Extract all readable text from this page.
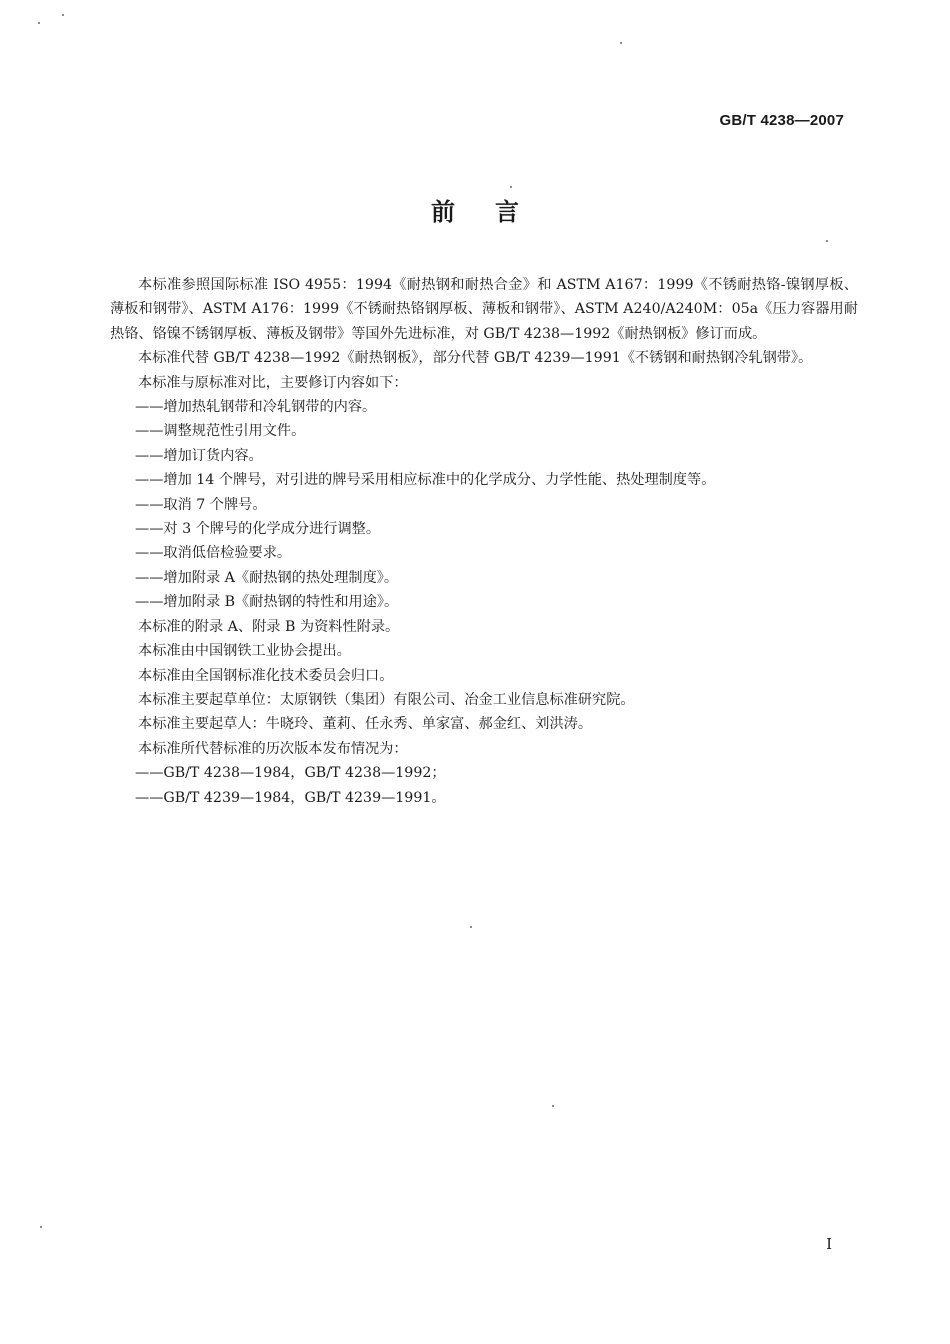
GB/T 4238—2007
前言

本标准参照国际标准 ISO 4955：1994《耐热钢和耐热合金》和 ASTM A167：1999《不锈耐热铬-镍钢厚板、薄板和钢带》、ASTM A176：1999《不锈耐热铬钢厚板、薄板和钢带》、ASTM A240/A240M：05a《压力容器用耐热铬、铬镍不锈钢厚板、薄板及钢带》等国外先进标准，对 GB/T 4238—1992《耐热钢板》修订而成。

本标准代替 GB/T 4238—1992《耐热钢板》，部分代替 GB/T 4239—1991《不锈钢和耐热钢冷轧钢带》。

本标准与原标准对比，主要修订内容如下：

——增加热轧钢带和冷轧钢带的内容。

——调整规范性引用文件。

——增加订货内容。

——增加 14 个牌号，对引进的牌号采用相应标准中的化学成分、力学性能、热处理制度等。

——取消 7 个牌号。

——对 3 个牌号的化学成分进行调整。

——取消低倍检验要求。

——增加附录 A《耐热钢的热处理制度》。

——增加附录 B《耐热钢的特性和用途》。

本标准的附录 A、附录 B 为资料性附录。

本标准由中国钢铁工业协会提出。

本标准由全国钢标准化技术委员会归口。

本标准主要起草单位：太原钢铁（集团）有限公司、冶金工业信息标准研究院。

本标准主要起草人：牛晓玲、董莉、任永秀、单家富、郝金红、刘洪涛。

本标准所代替标准的历次版本发布情况为：

——GB/T 4238—1984，GB/T 4238—1992；

——GB/T 4239—1984，GB/T 4239—1991。

I
